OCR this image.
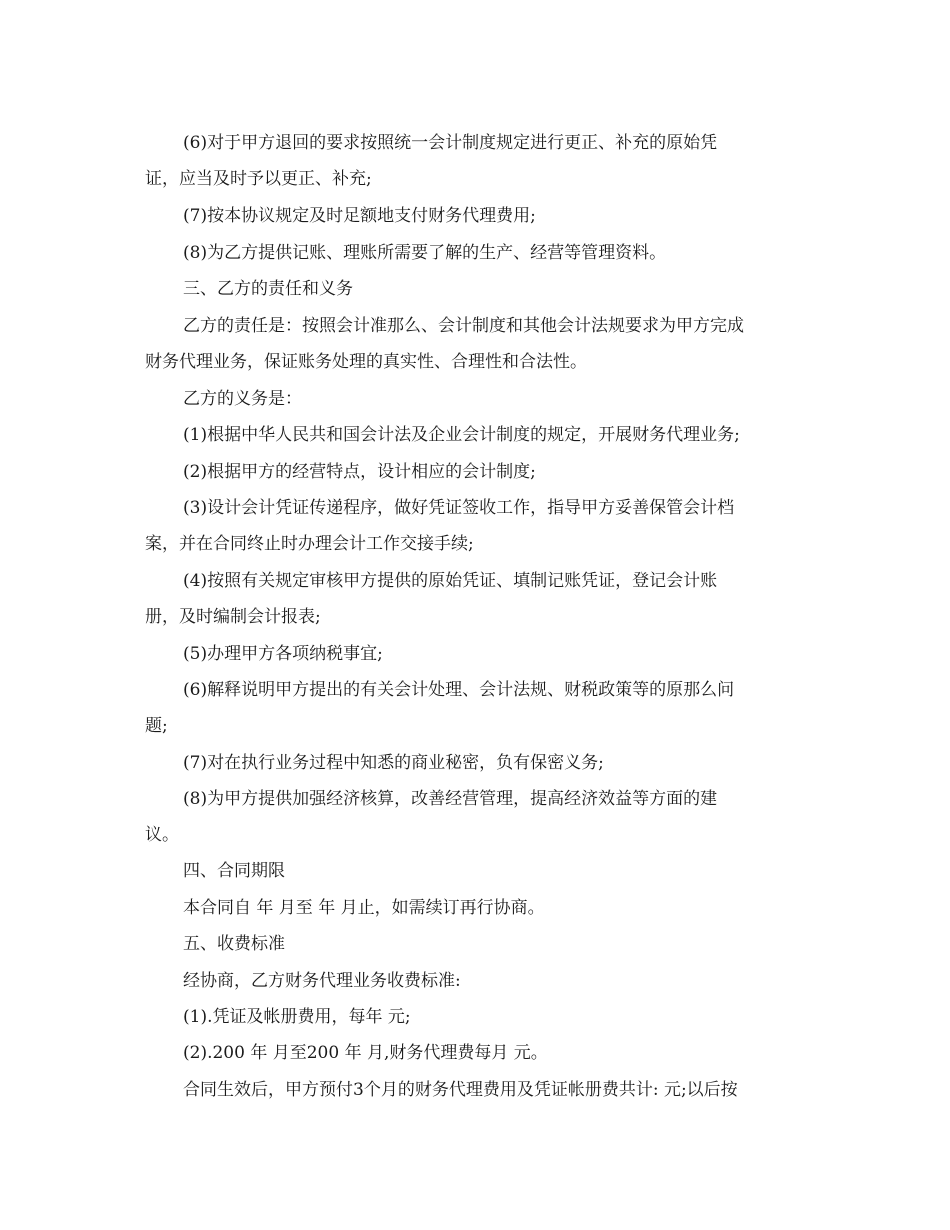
(6)对于甲方退回的要求按照统一会计制度规定进行更正、补充的原始凭
证，应当及时予以更正、补充;
(7)按本协议规定及时足额地支付财务代理费用;
(8)为乙方提供记账、理账所需要了解的生产、经营等管理资料。
三、乙方的责任和义务
乙方的责任是：按照会计准那么、会计制度和其他会计法规要求为甲方完成
财务代理业务，保证账务处理的真实性、合理性和合法性。
乙方的义务是：
(1)根据中华人民共和国会计法及企业会计制度的规定，开展财务代理业务;
(2)根据甲方的经营特点，设计相应的会计制度;
(3)设计会计凭证传递程序，做好凭证签收工作，指导甲方妥善保管会计档
案，并在合同终止时办理会计工作交接手续;
(4)按照有关规定审核甲方提供的原始凭证、填制记账凭证，登记会计账
册，及时编制会计报表;
(5)办理甲方各项纳税事宜;
(6)解释说明甲方提出的有关会计处理、会计法规、财税政策等的原那么问
题;
(7)对在执行业务过程中知悉的商业秘密，负有保密义务;
(8)为甲方提供加强经济核算，改善经营管理，提高经济效益等方面的建
议。
四、合同期限
本合同自 年 月至 年 月止，如需续订再行协商。
五、收费标准
经协商，乙方财务代理业务收费标准:
(1).凭证及帐册费用，每年 元;
(2).200 年 月至200 年 月,财务代理费每月 元。
合同生效后，甲方预付3个月的财务代理费用及凭证帐册费共计: 元;以后按
